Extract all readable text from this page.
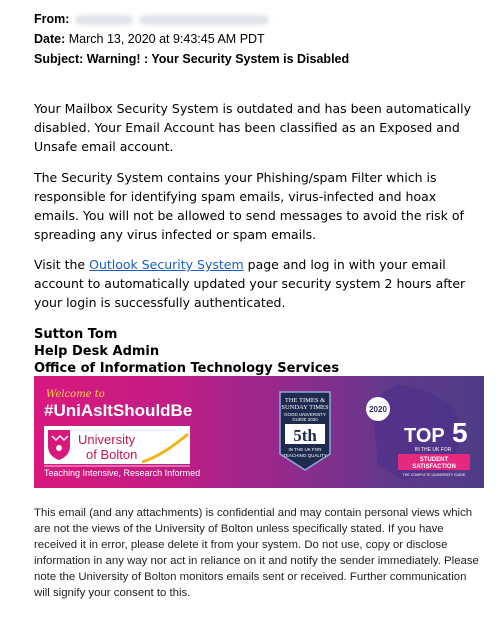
From:
Date: March 13, 2020 at 9:43:45 AM PDT
Subject: Warning! : Your Security System is Disabled
Your Mailbox Security System is outdated and has been automatically disabled. Your Email Account has been classified as an Exposed and Unsafe email account.
The Security System contains your Phishing/spam Filter which is responsible for identifying spam emails, virus-infected and hoax emails. You will not be allowed to send messages to avoid the risk of spreading any virus infected or spam emails.
Visit the Outlook Security System page and log in with your email account to automatically updated your security system 2 hours after your login is successfully authenticated.
Sutton Tom
Help Desk Admin
Office of Information Technology Services
Welcome to
#UniAsItShouldBe
University
of Bolton
Teaching Intensive, Research Informed
THE TIMES &
SUNDAY TIMES
GOOD UNIVERSITY
GUIDE 2020
5th
IN THE UK FOR
TEACHING QUALITY
2020
TOP 5
IN THE UK FOR
STUDENT
SATISFACTION
THE COMPLETE UNIVERSITY GUIDE
This email (and any attachments) is confidential and may contain personal views which are not the views of the University of Bolton unless specifically stated. If you have received it in error, please delete it from your system. Do not use, copy or disclose information in any way nor act in reliance on it and notify the sender immediately. Please note the University of Bolton monitors emails sent or received. Further communication will signify your consent to this.
